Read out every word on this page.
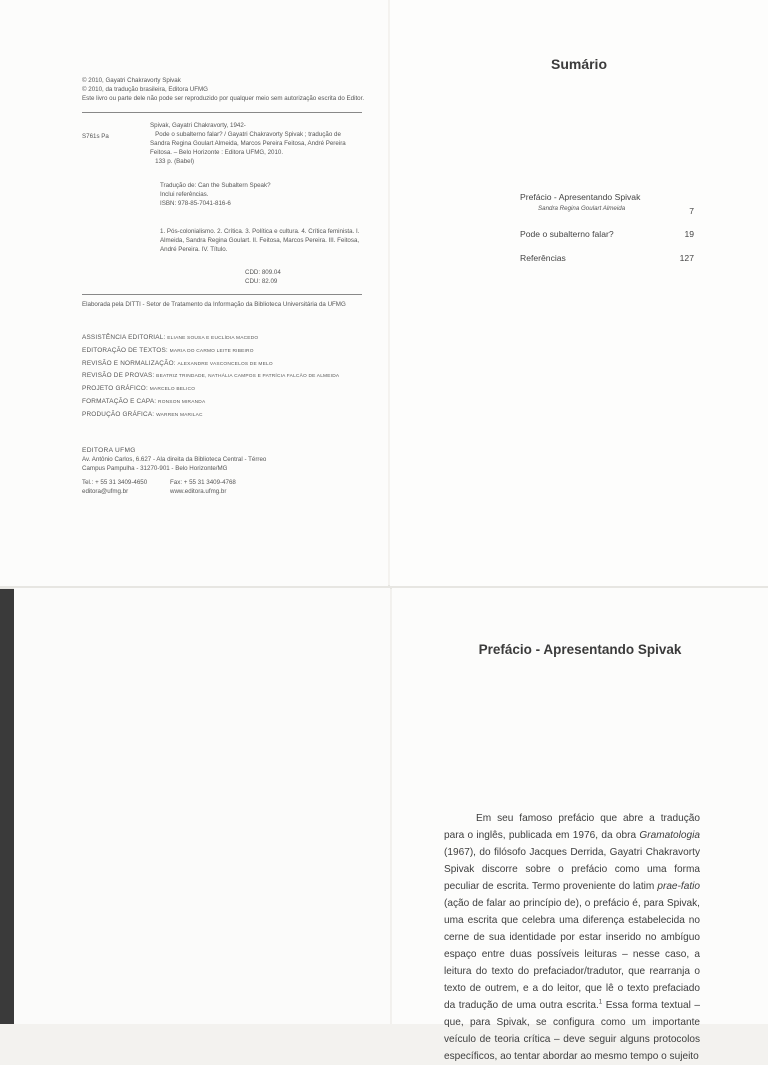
© 2010, Gayatri Chakravorty Spivak
© 2010, da tradução brasileira, Editora UFMG
Este livro ou parte dele não pode ser reproduzido por qualquer meio sem autorização escrita do Editor.
S761s Pa
Spivak, Gayatri Chakravorty, 1942-
Pode o subalterno falar? / Gayatri Chakravorty Spivak ; tradução de
Sandra Regina Goulart Almeida, Marcos Pereira Feitosa, André Pereira
Feitosa. – Belo Horizonte : Editora UFMG, 2010.
133 p. (Babel)
Tradução de: Can the Subaltern Speak?
Inclui referências.
ISBN: 978-85-7041-816-6
1. Pós-colonialismo. 2. Crítica. 3. Política e cultura. 4. Crítica feminista. I. Almeida, Sandra Regina Goulart. II. Feitosa, Marcos Pereira. III. Feitosa, André Pereira. IV. Título.
CDD: 809.04
CDU: 82.09
Elaborada pela DITTI - Setor de Tratamento da Informação da Biblioteca Universitária da UFMG
ASSISTÊNCIA EDITORIAL: ELIANE SOUSA E EUCLÍDIA MACEDO
EDITORAÇÃO DE TEXTOS: MARIA DO CARMO LEITE RIBEIRO
REVISÃO E NORMALIZAÇÃO: ALEXANDRE VASCONCELOS DE MELO
REVISÃO DE PROVAS: BEATRIZ TRINDADE, NATHÁLIA CAMPOS E PATRÍCIA FALCÃO DE ALMEIDA
PROJETO GRÁFICO: MARCELO BELICO
FORMATAÇÃO E CAPA: RONSON MIRANDA
PRODUÇÃO GRÁFICA: WARREN MARILAC
EDITORA UFMG
Av. Antônio Carlos, 6.627 - Ala direita da Biblioteca Central - Térreo
Campus Pampulha - 31270-901 - Belo Horizonte/MG
Tel.: + 55 31 3409-4650
editora@ufmg.br
Fax: + 55 31 3409-4768
www.editora.ufmg.br
Sumário
Prefácio - Apresentando Spivak
Sandra Regina Goulart Almeida	7
Pode o subalterno falar?	19
Referências	127
Prefácio - Apresentando Spivak
Em seu famoso prefácio que abre a tradução para o inglês, publicada em 1976, da obra Gramatologia (1967), do filósofo Jacques Derrida, Gayatri Chakravorty Spivak discorre sobre o prefácio como uma forma peculiar de escrita. Termo proveniente do latim prae-fatio (ação de falar ao princípio de), o prefácio é, para Spivak, uma escrita que celebra uma diferença estabelecida no cerne de sua identidade por estar inserido no ambíguo espaço entre duas possíveis leituras – nesse caso, a leitura do texto do prefaciador/tradutor, que rearranja o texto de outrem, e a do leitor, que lê o texto prefaciado da tradução de uma outra escrita.$^1$ Essa forma textual – que, para Spivak, se configura como um importante veículo de teoria crítica – deve seguir alguns protocolos específicos, ao tentar abordar ao mesmo tempo o sujeito
